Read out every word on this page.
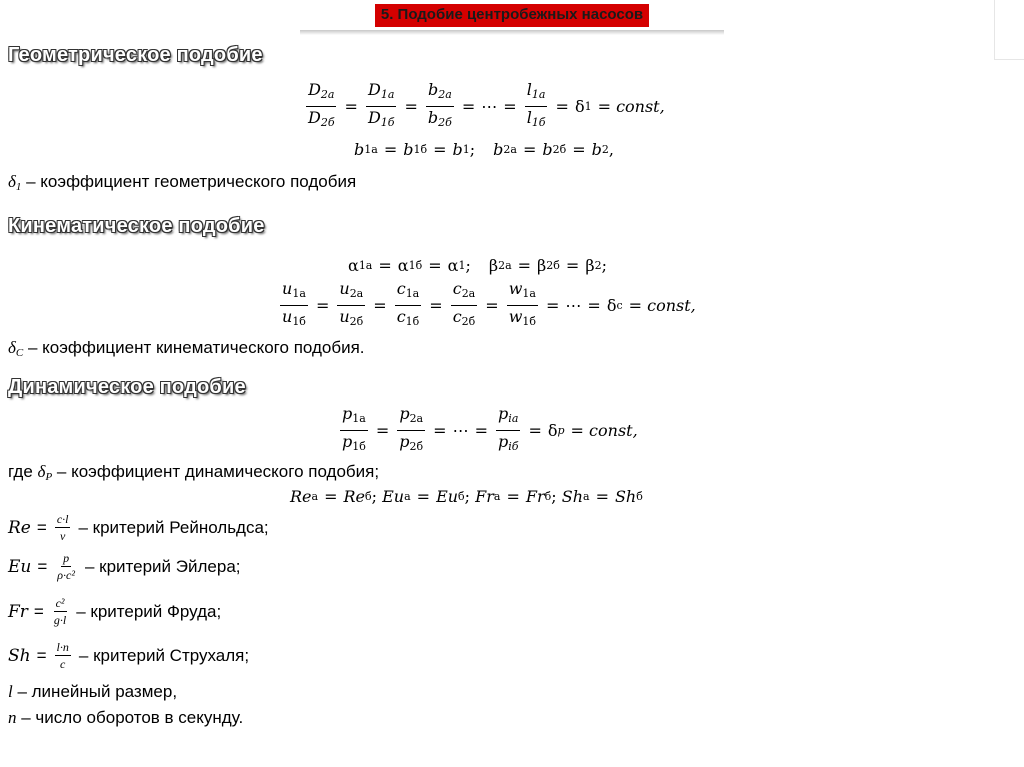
5. Подобие центробежных насосов
Геометрическое подобие
$\frac{D_{2a}}{D_{2б}} = \frac{D_{1a}}{D_{1б}} = \frac{b_{2a}}{b_{2б}}$ = ⋯ = $\frac{l_{1a}}{l_{1б}} = \delta$ 1 = const,
b 1a = b 1б = b 1 ; b 2a = b 2б = b 2 ,
$\delta_1$ – коэффициент геометрического подобия
Кинематическое подобие
α 1a = α 1б = α 1 ; β 2a = β 2б = β 2 ;
$\frac{u_{1a}}{u_{1б}} = \frac{u_{2a}}{u_{2б}} = \frac{c_{1a}}{c_{1б}} = \frac{c_{2a}}{c_{2б}} = \frac{w_{1a}}{w_{1б}}$ = ⋯ = δ c = const,
$\delta_C$ – коэффициент кинематического подобия.
Динамическое подобие
$\frac{p_{1a}}{p_{1б}} = \frac{p_{2a}}{p_{2б}}$ = ⋯ = $\frac{p_{ia}}{p_{iб}} = \delta$ p = const,
где $\delta_P$ – коэффициент динамического подобия;
Re a = Re б ; Eu a = Eu б ; Fr a = Fr б ; Sh a = Sh б
$Re = \frac{c\cdot l}{\nu}$ – критерий Рейнольдса;
$Eu = \frac{p}{\text{ρ·c²}}$ – критерий Эйлера;
$Fr = \frac{\text{c²}}{g\cdot l}$ – критерий Фруда;
$Sh = \frac{l\cdot n}{c}$ – критерий Струхаля;
l – линейный размер,
n – число оборотов в секунду.
